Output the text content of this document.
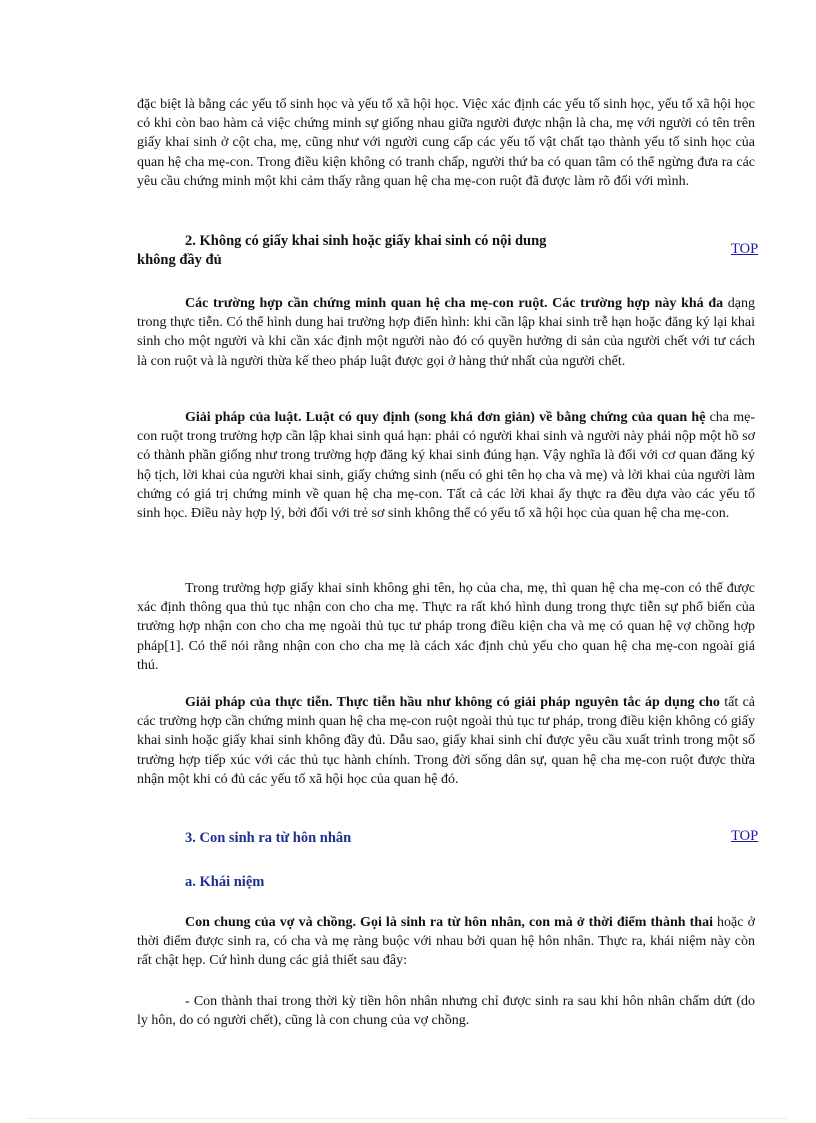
đặc biệt là bằng các yếu tố sinh học và yếu tố xã hội học. Việc xác định các yếu tố sinh học, yếu tố xã hội học có khi còn bao hàm cả việc chứng minh sự giống nhau giữa người được nhận là cha, mẹ với người có tên trên giấy khai sinh ở cột cha, mẹ, cũng như với người cung cấp các yếu tố vật chất tạo thành yếu tố sinh học của quan hệ cha mẹ-con. Trong điều kiện không có tranh chấp, người thứ ba có quan tâm có thể ngừng đưa ra các yêu cầu chứng minh một khi cảm thấy rằng quan hệ cha mẹ-con ruột đã được làm rõ đối với mình.

2. Không có giấy khai sinh hoặc giấy khai sinh có nội dung

không đầy đủ

TOP

Các trường hợp cần chứng minh quan hệ cha mẹ-con ruột. Các trường hợp này khá đa dạng trong thực tiễn. Có thể hình dung hai trường hợp điển hình: khi cần lập khai sinh trễ hạn hoặc đăng ký lại khai sinh cho một người và khi cần xác định một người nào đó có quyền hưởng di sản của người chết với tư cách là con ruột và là người thừa kế theo pháp luật được gọi ở hàng thứ nhất của người chết.

Giải pháp của luật. Luật có quy định (song khá đơn giản) về bằng chứng của quan hệ cha mẹ-con ruột trong trường hợp cần lập khai sinh quá hạn: phải có người khai sinh và người này phải nộp một hồ sơ có thành phần giống như trong trường hợp đăng ký khai sinh đúng hạn. Vậy nghĩa là đối với cơ quan đăng ký hộ tịch, lời khai của người khai sinh, giấy chứng sinh (nếu có ghi tên họ cha và mẹ) và lời khai của người làm chứng có giá trị chứng minh về quan hệ cha mẹ-con. Tất cả các lời khai ấy thực ra đều dựa vào các yếu tố sinh học. Điều này hợp lý, bởi đối với trẻ sơ sinh không thể có yếu tố xã hội học của quan hệ cha mẹ-con.

Trong trường hợp giấy khai sinh không ghi tên, họ của cha, mẹ, thì quan hệ cha mẹ-con có thể được xác định thông qua thủ tục nhận con cho cha mẹ. Thực ra rất khó hình dung trong thực tiễn sự phổ biến của trường hợp nhận con cho cha mẹ ngoài thủ tục tư pháp trong điều kiện cha và mẹ có quan hệ vợ chồng hợp pháp[1]. Có thể nói rằng nhận con cho cha mẹ là cách xác định chủ yếu cho quan hệ cha mẹ-con ngoài giá thú.

Giải pháp của thực tiễn. Thực tiễn hầu như không có giải pháp nguyên tắc áp dụng cho tất cả các trường hợp cần chứng minh quan hệ cha mẹ-con ruột ngoài thủ tục tư pháp, trong điều kiện không có giấy khai sinh hoặc giấy khai sinh không đầy đủ. Dẫu sao, giấy khai sinh chỉ được yêu cầu xuất trình trong một số trường hợp tiếp xúc với các thủ tục hành chính. Trong đời sống dân sự, quan hệ cha mẹ-con ruột được thừa nhận một khi có đủ các yếu tố xã hội học của quan hệ đó.

3. Con sinh ra từ hôn nhân	TOP

a. Khái niệm

Con chung của vợ và chồng. Gọi là sinh ra từ hôn nhân, con mà ở thời điểm thành thai hoặc ở thời điểm được sinh ra, có cha và mẹ ràng buộc với nhau bởi quan hệ hôn nhân. Thực ra, khái niệm này còn rất chật hẹp. Cứ hình dung các giả thiết sau đây:

- Con thành thai trong thời kỳ tiền hôn nhân nhưng chỉ được sinh ra sau khi hôn nhân chấm dứt (do ly hôn, do có người chết), cũng là con chung của vợ chồng.
